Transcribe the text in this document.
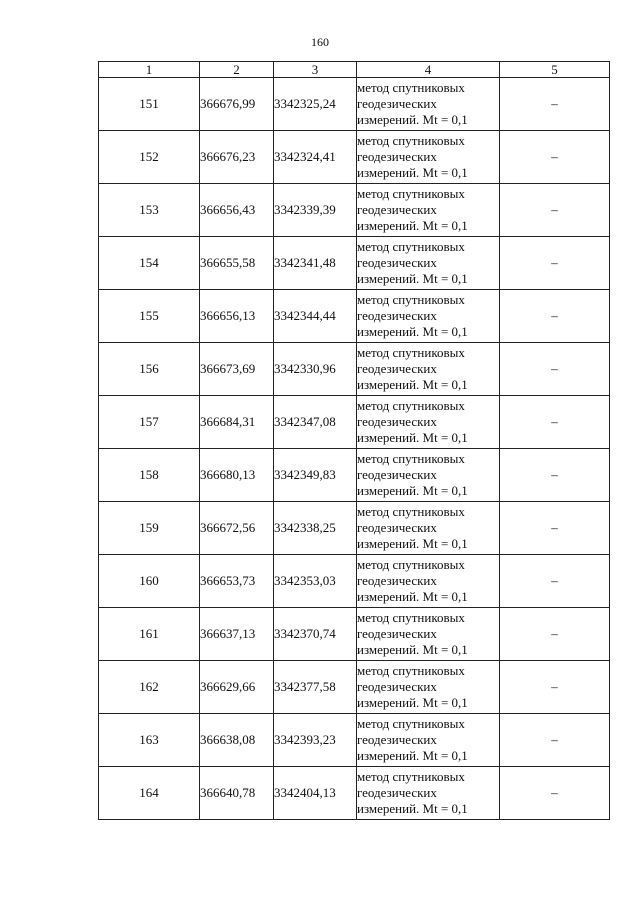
160
1	2	3	4	5
151	366676,99	3342325,24	метод спутниковых
геодезических
измерений. Mt = 0,1	–
152	366676,23	3342324,41	метод спутниковых
геодезических
измерений. Mt = 0,1	–
153	366656,43	3342339,39	метод спутниковых
геодезических
измерений. Mt = 0,1	–
154	366655,58	3342341,48	метод спутниковых
геодезических
измерений. Mt = 0,1	–
155	366656,13	3342344,44	метод спутниковых
геодезических
измерений. Mt = 0,1	–
156	366673,69	3342330,96	метод спутниковых
геодезических
измерений. Mt = 0,1	–
157	366684,31	3342347,08	метод спутниковых
геодезических
измерений. Mt = 0,1	–
158	366680,13	3342349,83	метод спутниковых
геодезических
измерений. Mt = 0,1	–
159	366672,56	3342338,25	метод спутниковых
геодезических
измерений. Mt = 0,1	–
160	366653,73	3342353,03	метод спутниковых
геодезических
измерений. Mt = 0,1	–
161	366637,13	3342370,74	метод спутниковых
геодезических
измерений. Mt = 0,1	–
162	366629,66	3342377,58	метод спутниковых
геодезических
измерений. Mt = 0,1	–
163	366638,08	3342393,23	метод спутниковых
геодезических
измерений. Mt = 0,1	–
164	366640,78	3342404,13	метод спутниковых
геодезических
измерений. Mt = 0,1	–
